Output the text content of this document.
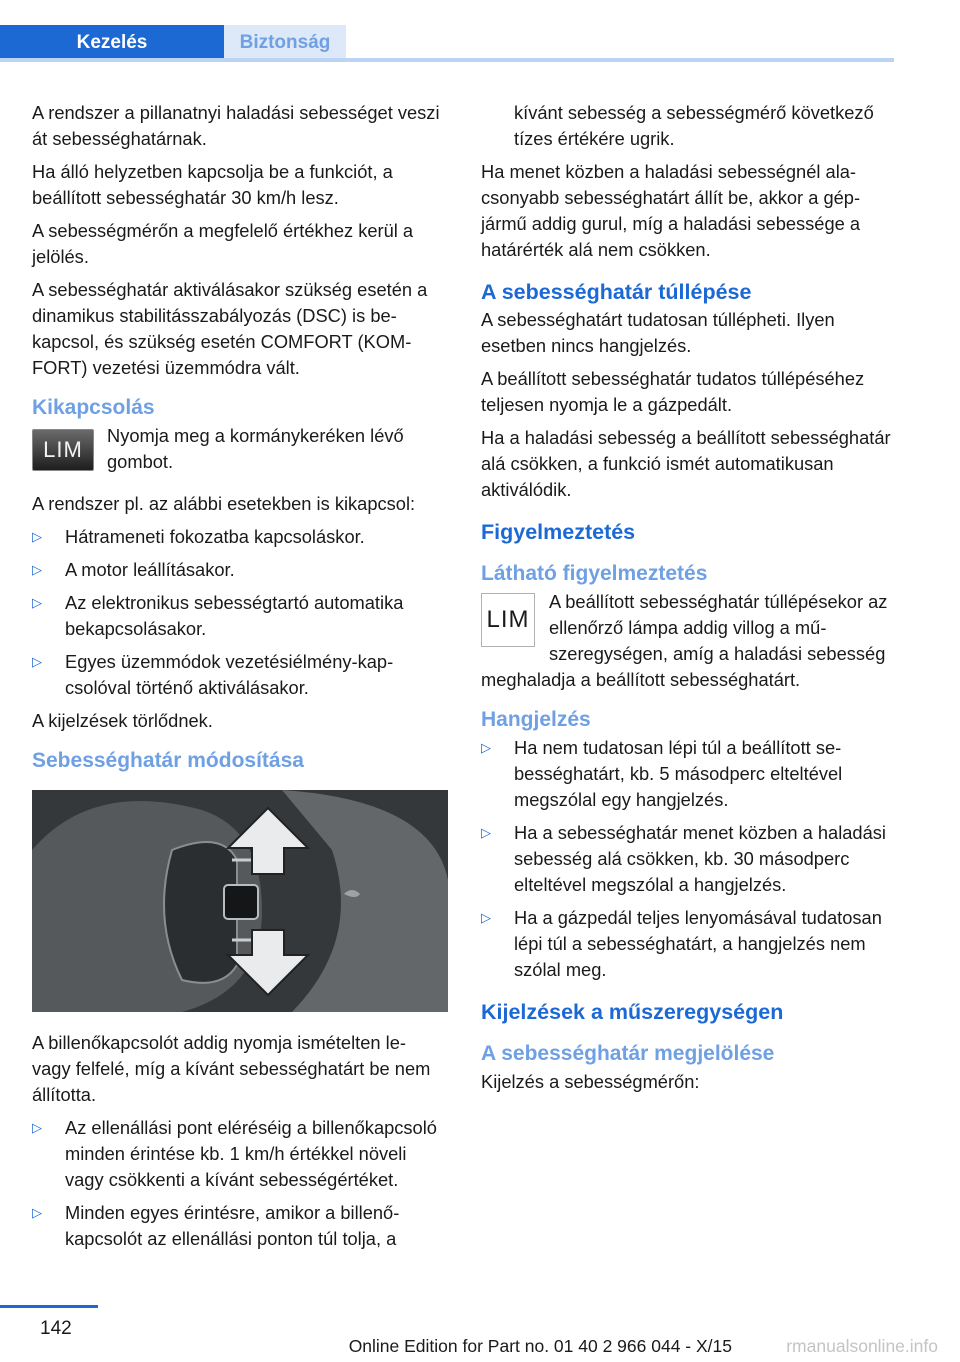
Kezelés	Biztonság

A rendszer a pillanatnyi haladási sebességet veszi át sebességhatárnak.

Ha álló helyzetben kapcsolja be a funkciót, a beállított sebességhatár 30 km/h lesz.

A sebességmérőn a megfelelő értékhez kerül a jelölés.

A sebességhatár aktiválásakor szükség esetén a dinamikus stabilitásszabályozás (DSC) is bekapcsol, és szükség esetén COMFORT (KOMFORT) vezetési üzemmódra vált.

Kikapcsolás
LIM
Nyomja meg a kormánykeréken lévő gombot.

A rendszer pl. az alábbi esetekben is kikapcsol:

▷ Hátrameneti fokozatba kapcsoláskor.
▷ A motor leállításakor.
▷ Az elektronikus sebességtartó automatika bekapcsolásakor.
▷ Egyes üzemmódok vezetésiélmény-kapcsolóval történő aktiválásakor.

A kijelzések törlődnek.

Sebességhatár módosítása

A billenőkapcsolót addig nyomja ismételten le- vagy felfelé, míg a kívánt sebességhatárt be nem állította.

▷ Az ellenállási pont eléréséig a billenőkapcsoló minden érintése kb. 1 km/h értékkel növeli vagy csökkenti a kívánt sebességértéket.
▷ Minden egyes érintésre, amikor a billenőkapcsolót az ellenállási ponton túl tolja, a
kívánt sebesség a sebességmérő következő tízes értékére ugrik.

Ha menet közben a haladási sebességnél alacsonyabb sebességhatárt állít be, akkor a gépjármű addig gurul, míg a haladási sebessége a határérték alá nem csökken.

A sebességhatár túllépése

A sebességhatárt tudatosan túllépheti. Ilyen esetben nincs hangjelzés.

A beállított sebességhatár tudatos túllépéséhez teljesen nyomja le a gázpedált.

Ha a haladási sebesség a beállított sebességhatár alá csökken, a funkció ismét automatikusan aktiválódik.

Figyelmeztetés
Látható figyelmeztetés
LIM
A beállított sebességhatár túllépésekor az ellenőrző lámpa addig villog a műszeregységen, amíg a haladási sebesség meghaladja a beállított sebességhatárt.
Hangjelzés
▷ Ha nem tudatosan lépi túl a beállított sebességhatárt, kb. 5 másodperc elteltével megszólal egy hangjelzés.
▷ Ha a sebességhatár menet közben a haladási sebesség alá csökken, kb. 30 másodperc elteltével megszólal a hangjelzés.
▷ Ha a gázpedál teljes lenyomásával tudatosan lépi túl a sebességhatárt, a hangjelzés nem szólal meg.
Kijelzések a műszeregységen
A sebességhatár megjelölése

Kijelzés a sebességmérőn:

142
Online Edition for Part no. 01 40 2 966 044 - X/15	rmanualsonline.info
